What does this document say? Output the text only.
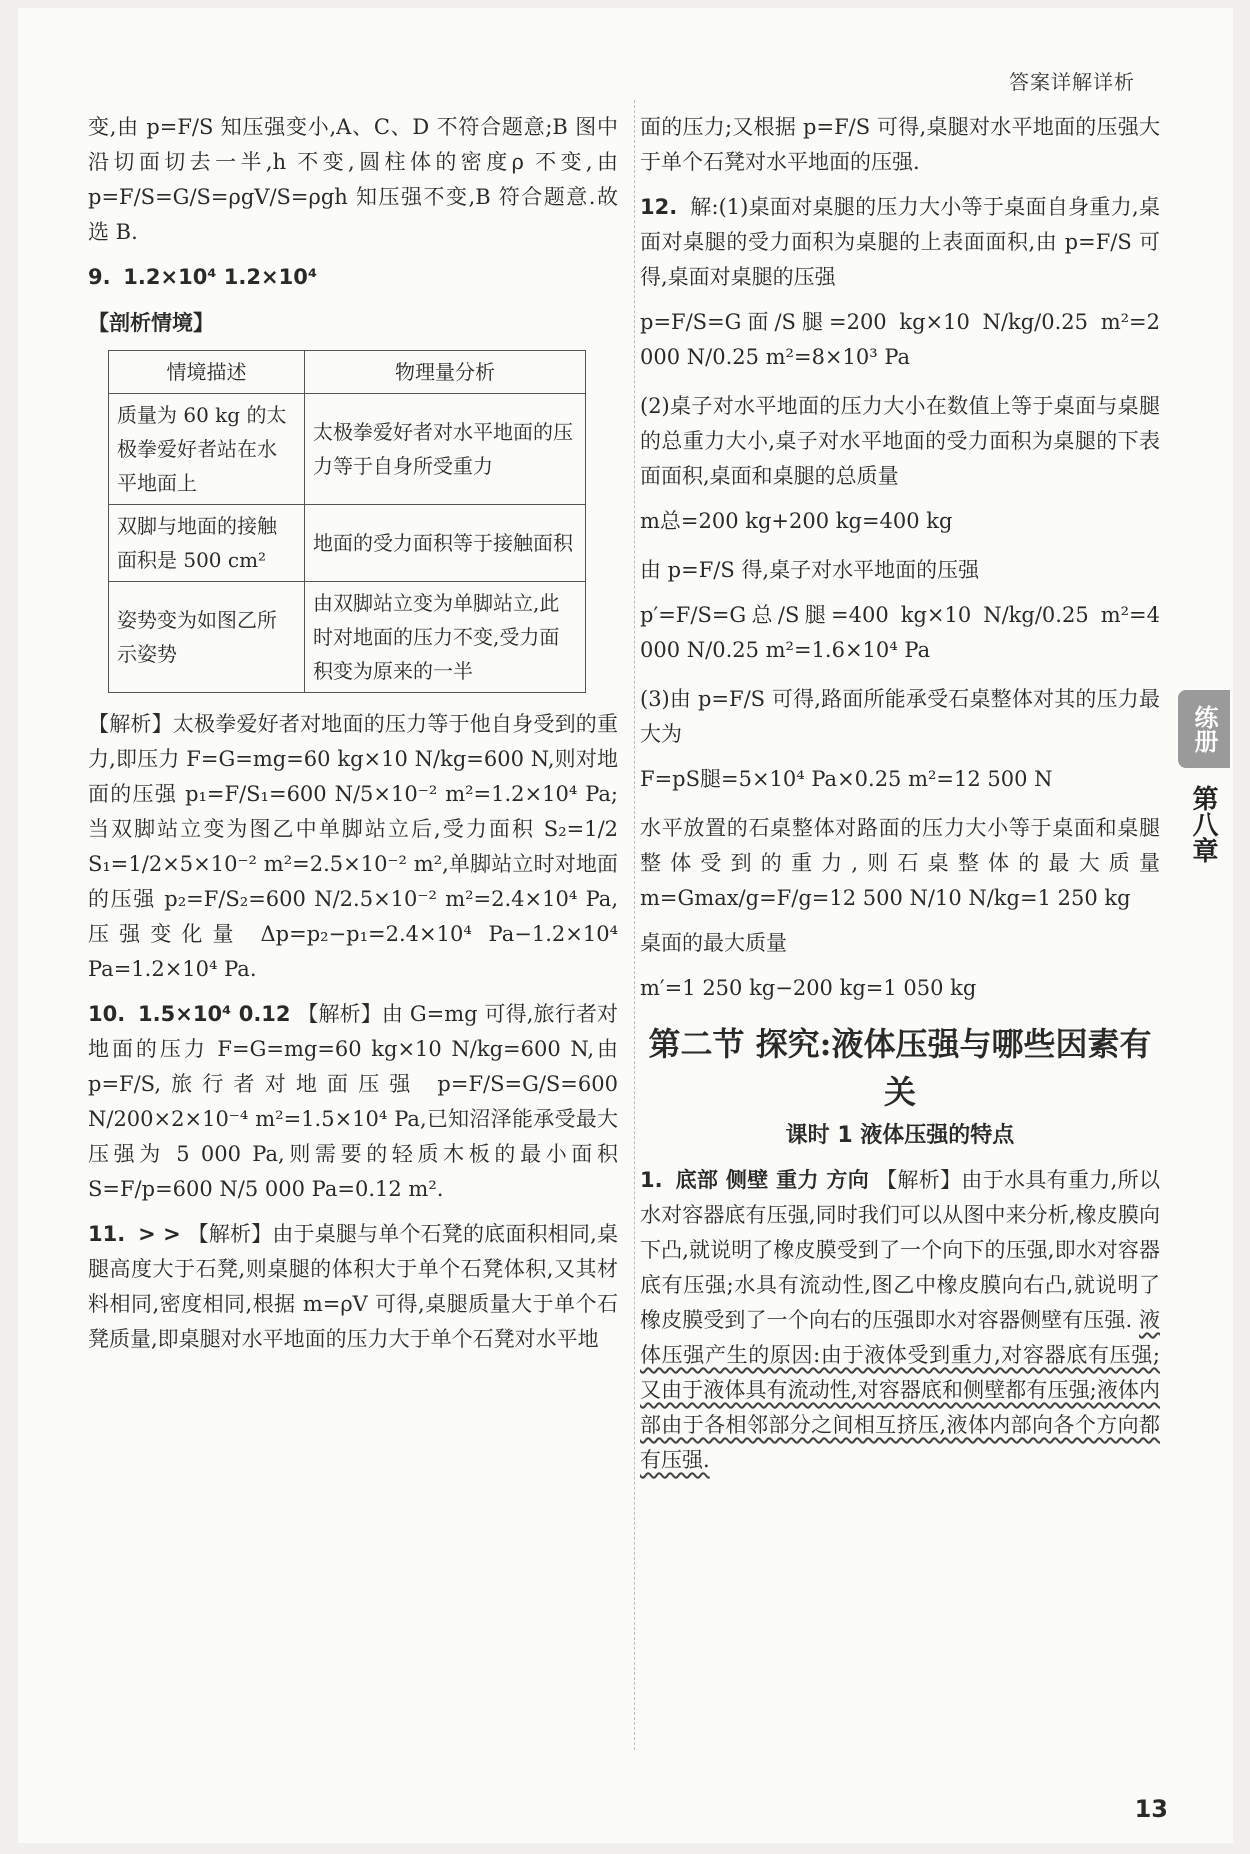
答案详解详析

变,由 p=F/S 知压强变小,A、C、D 不符合题意;B 图中沿切面切去一半,h 不变,圆柱体的密度ρ 不变,由 p=F/S=G/S=ρgV/S=ρgh 知压强不变,B 符合题意.故选 B.

9. 1.2×10⁴ 1.2×10⁴

【剖析情境】

情境描述	物理量分析
质量为 60 kg 的太极拳爱好者站在水平地面上	太极拳爱好者对水平地面的压力等于自身所受重力
双脚与地面的接触面积是 500 cm²	地面的受力面积等于接触面积
姿势变为如图乙所示姿势	由双脚站立变为单脚站立,此时对地面的压力不变,受力面积变为原来的一半

【解析】太极拳爱好者对地面的压力等于他自身受到的重力,即压力 F=G=mg=60 kg×10 N/kg=600 N,则对地面的压强 p₁=F/S₁=600 N/5×10⁻² m²=1.2×10⁴ Pa;当双脚站立变为图乙中单脚站立后,受力面积 S₂=1/2 S₁=1/2×5×10⁻² m²=2.5×10⁻² m²,单脚站立时对地面的压强 p₂=F/S₂=600 N/2.5×10⁻² m²=2.4×10⁴ Pa,压强变化量 Δp=p₂−p₁=2.4×10⁴ Pa−1.2×10⁴ Pa=1.2×10⁴ Pa.

10. 1.5×10⁴ 0.12 【解析】由 G=mg 可得,旅行者对地面的压力 F=G=mg=60 kg×10 N/kg=600 N,由 p=F/S,旅行者对地面压强 p=F/S=G/S=600 N/200×2×10⁻⁴ m²=1.5×10⁴ Pa,已知沼泽能承受最大压强为 5 000 Pa,则需要的轻质木板的最小面积 S=F/p=600 N/5 000 Pa=0.12 m².

11. > > 【解析】由于桌腿与单个石凳的底面积相同,桌腿高度大于石凳,则桌腿的体积大于单个石凳体积,又其材料相同,密度相同,根据 m=ρV 可得,桌腿质量大于单个石凳质量,即桌腿对水平地面的压力大于单个石凳对水平地

面的压力;又根据 p=F/S 可得,桌腿对水平地面的压强大于单个石凳对水平地面的压强.

12. 解:(1)桌面对桌腿的压力大小等于桌面自身重力,桌面对桌腿的受力面积为桌腿的上表面面积,由 p=F/S 可得,桌面对桌腿的压强

p=F/S=G面/S腿=200 kg×10 N/kg/0.25 m²=2 000 N/0.25 m²=8×10³ Pa

(2)桌子对水平地面的压力大小在数值上等于桌面与桌腿的总重力大小,桌子对水平地面的受力面积为桌腿的下表面面积,桌面和桌腿的总质量

m总=200 kg+200 kg=400 kg

由 p=F/S 得,桌子对水平地面的压强

p′=F/S=G总/S腿=400 kg×10 N/kg/0.25 m²=4 000 N/0.25 m²=1.6×10⁴ Pa

(3)由 p=F/S 可得,路面所能承受石桌整体对其的压力最大为

F=pS腿=5×10⁴ Pa×0.25 m²=12 500 N

水平放置的石桌整体对路面的压力大小等于桌面和桌腿整体受到的重力,则石桌整体的最大质量 m=Gmax/g=F/g=12 500 N/10 N/kg=1 250 kg

桌面的最大质量

m′=1 250 kg−200 kg=1 050 kg

第二节 探究:液体压强与哪些因素有关
课时 1 液体压强的特点

1. 底部 侧壁 重力 方向 【解析】由于水具有重力,所以水对容器底有压强,同时我们可以从图中来分析,橡皮膜向下凸,就说明了橡皮膜受到了一个向下的压强,即水对容器底有压强;水具有流动性,图乙中橡皮膜向右凸,就说明了橡皮膜受到了一个向右的压强即水对容器侧壁有压强. 液体压强产生的原因:由于液体受到重力,对容器底有压强;又由于液体具有流动性,对容器底和侧壁都有压强;液体内部由于各相邻部分之间相互挤压,液体内部向各个方向都有压强.

练册
第八章
13
